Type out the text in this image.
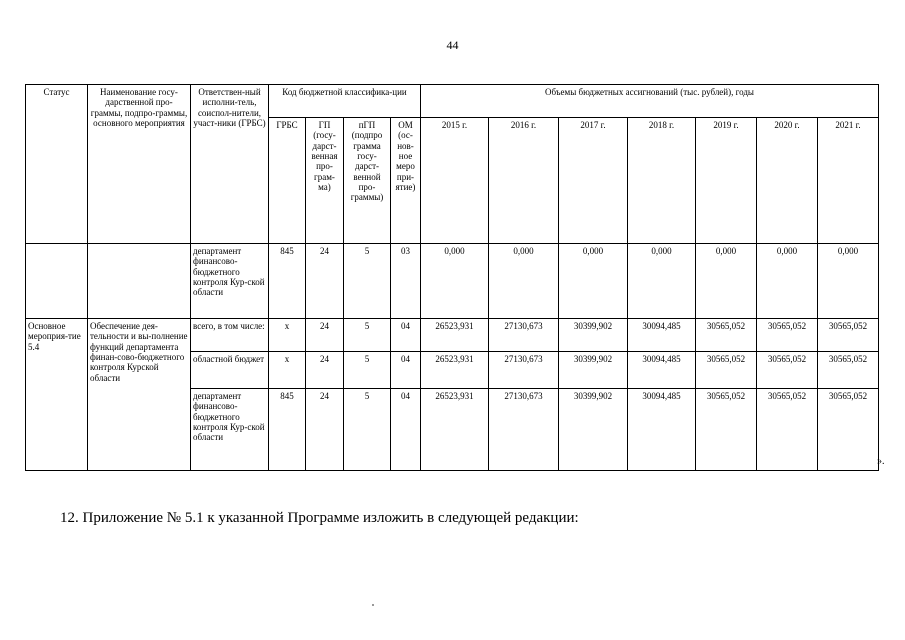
44
Статус	Наименование госу-дарственной про-граммы, подпро-граммы, основного мероприятия	Ответствен-ный исполни-тель, соиспол-нители, участ-ники (ГРБС)	Код бюджетной классифика-ции				Объемы бюджетных ассигнований (тыс. рублей), годы						
			ГРБС	ГП (госу-дарст-венная про-грам-ма)	пГП (подпро грамма госу-дарст-венной про-граммы)	ОМ (ос-нов-ное меро при-ятие)	2015 г.	2016 г.	2017 г.	2018 г.	2019 г.	2020 г.	2021 г.
		департамент финансово-бюджетного контроля Кур-ской области	845	24	5	03	0,000	0,000	0,000	0,000	0,000	0,000	0,000
Основное мероприя-тие 5.4	Обеспечение дея-тельности и вы-полнение функций департамента финан-сово-бюджетного контроля Курской области	всего, в том числе:	х	24	5	04	26523,931	27130,673	30399,902	30094,485	30565,052	30565,052	30565,052
		областной бюджет	х	24	5	04	26523,931	27130,673	30399,902	30094,485	30565,052	30565,052	30565,052
		департамент финансово-бюджетного контроля Кур-ской области	845	24	5	04	26523,931	27130,673	30399,902	30094,485	30565,052	30565,052	30565,052
».
12. Приложение № 5.1 к указанной Программе изложить в следующей редакции:
